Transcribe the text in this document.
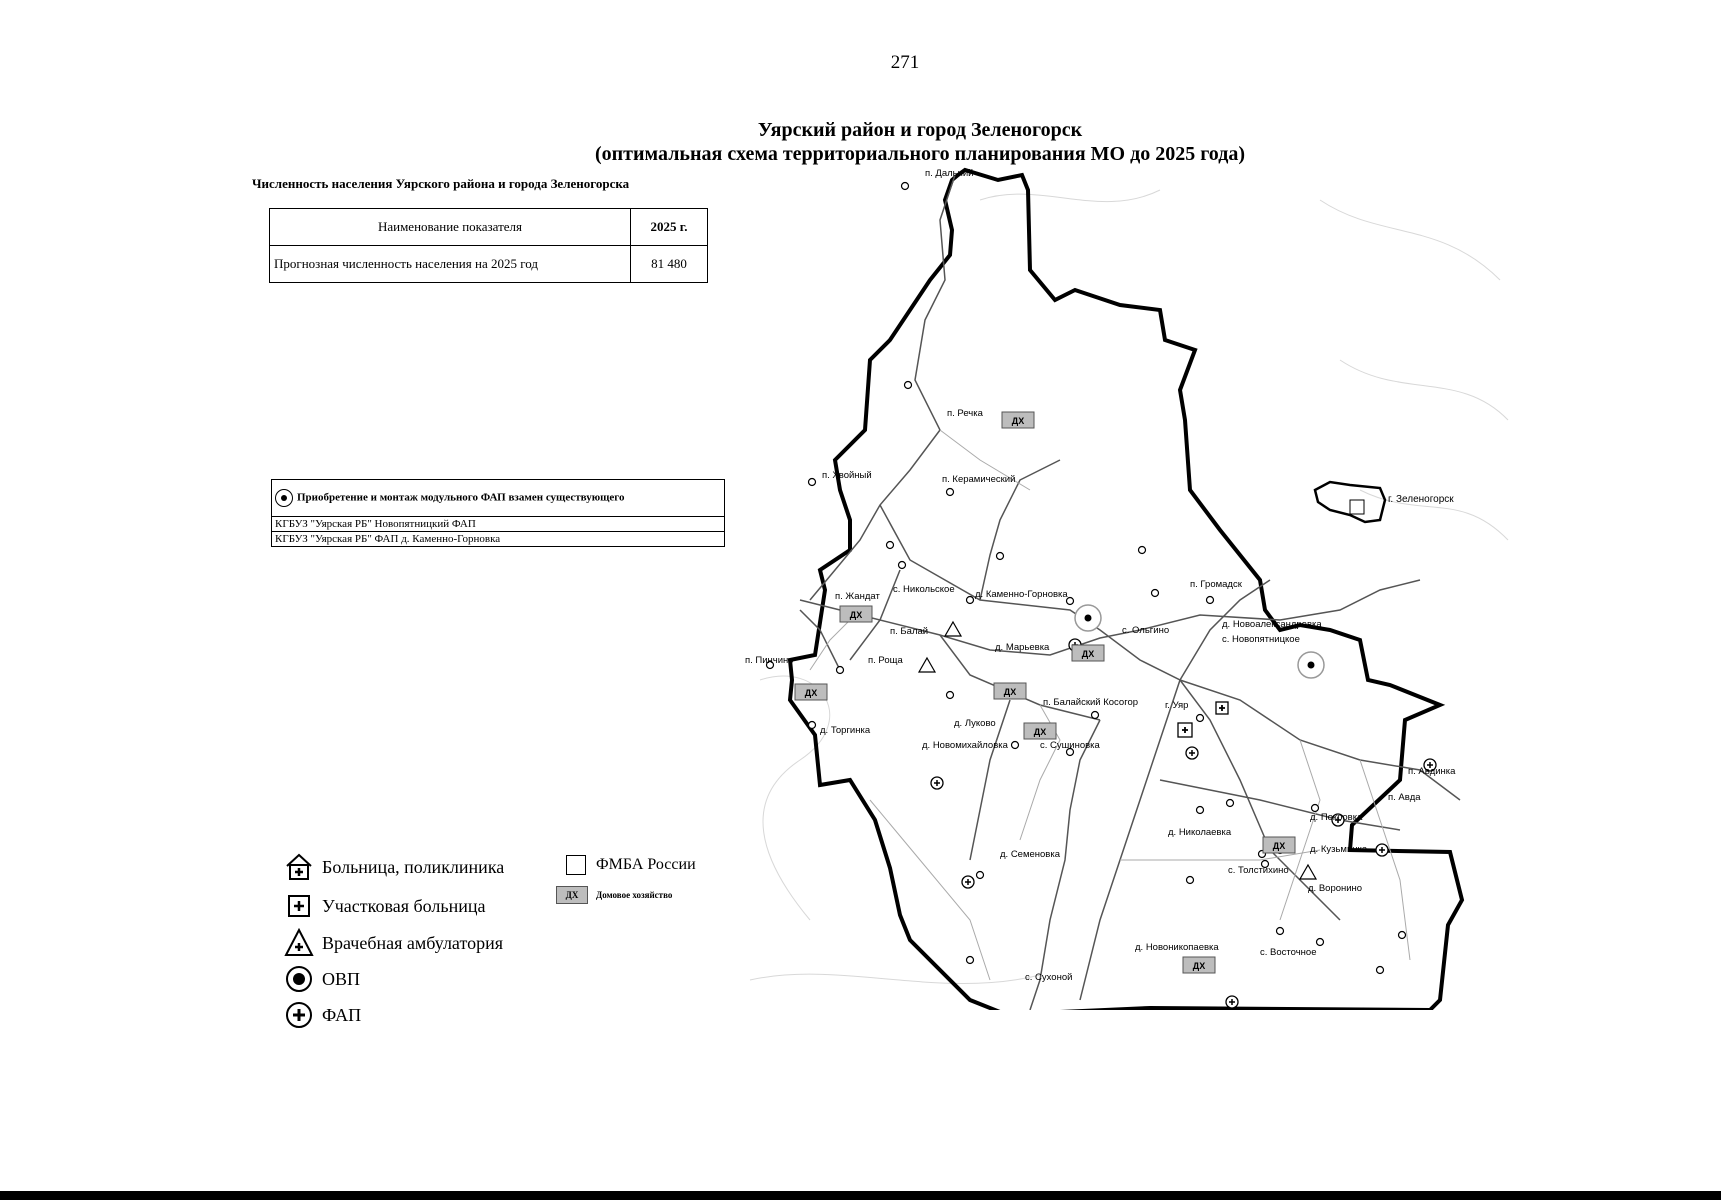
271
Уярский район и город Зеленогорск
(оптимальная схема территориального планирования МО до 2025 года)
Численность населения Уярского района и города Зеленогорска
Наименование показателя	2025 г.
Прогнозная численность населения на 2025 год	81 480
Приобретение и монтаж модульного ФАП взамен существующего
КГБУЗ "Уярская РБ" Новопятницкий ФАП
КГБУЗ "Уярская РБ" ФАП д. Каменно-Горновка
ДХ
ДХ
ДХ
ДХ	ДХ
ДХ
ДХ
ДХ
п. Дальний
п. Речка
п. Хвойный	п. Керамический
г. Зеленогорск
п. Громадск
с. Никольское д. Каменно-Горновка
п. Жандат
п. Балай
д. Новоалександровка
с. Новопятницкое
с. Ольгино
д. Марьевка
п. Пинчино	п. Роща
п. Балайский Косогор	г. Уяр
д. Луково
д. Торгинка
д. Новомихайловка	с. Сушиновка
п. Авдинка
п. Авда
д. Покровка
д. Николаевка
д. Кузьминка
д. Семеновка
с. Толстихино
д. Воронино
д. Новоникопаевка	с. Восточное
с. Сухоной
Больница, поликлиника
Участковая больница
Врачебная амбулатория
ОВП
ФАП
ФМБА России
ДХ	Домовое хозяйство
